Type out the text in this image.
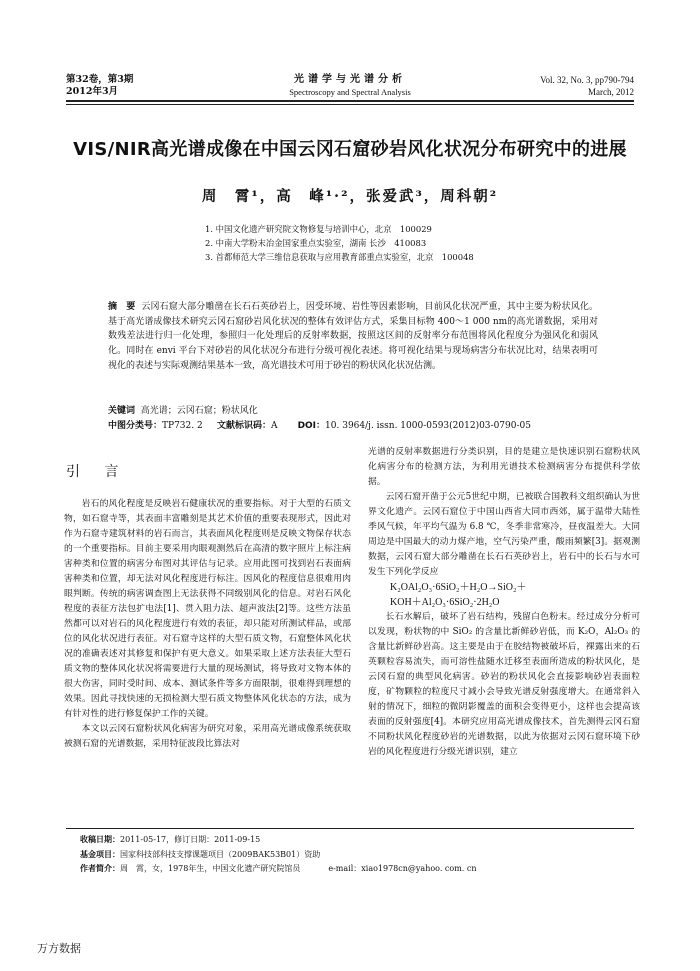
第32卷，第3期
2012年3月
光谱学与光谱分析
Spectroscopy and Spectral Analysis
Vol. 32, No. 3, pp790-794
March, 2012
VIS/NIR高光谱成像在中国云冈石窟砂岩风化状况分布研究中的进展
周　霄¹，高　峰¹·²，张爱武³，周科朝²
1. 中国文化遗产研究院文物修复与培训中心，北京　100029
2. 中南大学粉末冶金国家重点实验室，湖南 长沙　410083
3. 首都师范大学三维信息获取与应用教育部重点实验室，北京　100048
摘　要 云冈石窟大部分雕凿在长石石英砂岩上，因受环境、岩性等因素影响，目前风化状况严重，其中主要为粉状风化。基于高光谱成像技术研究云冈石窟砂岩风化状况的整体有效评估方式，采集目标物 400～1 000 nm的高光谱数据，采用对数残差法进行归一化处理，参照归一化处理后的反射率数据，按照这区间的反射率分布范围将风化程度分为强风化和弱风化。同时在 envi 平台下对砂岩的风化状况分布进行分级可视化表述。将可视化结果与现场病害分布状况比对，结果表明可视化的表述与实际观测结果基本一致，高光谱技术可用于砂岩的粉状风化状况估测。
关键词 高光谱；云冈石窟；粉状风化
中图分类号：TP732. 2 文献标识码：A DOI：10. 3964/j. issn. 1000-0593(2012)03-0790-05
引 言

岩石的风化程度是反映岩石健康状况的重要指标。对于大型的石质文物，如石窟寺等，其表面丰富雕刻是其艺术价值的重要表现形式，因此对作为石窟寺建筑材料的岩石而言，其表面风化程度则是反映文物保存状态的一个重要指标。目前主要采用肉眼观测然后在高清的数字照片上标注病害种类和位置的病害分布图对其评估与记录。应用此图可找到岩石表面病害种类和位置，却无法对风化程度进行标注。因风化的程度信息很难用肉眼判断。传统的病害调查图上无法获得不同级别风化的信息。对岩石风化程度的表征方法包扩电法[1]、贯入阻力法、超声波法[2]等。这些方法虽然都可以对岩石的风化程度进行有效的表征，却只能对所测试样品，或部位的风化状况进行表征。对石窟寺这样的大型石质文物，石窟整体风化状况的准确表述对其修复和保护有更大意义。如果采取上述方法表征大型石质文物的整体风化状况将需要进行大量的现场测试，将导致对文物本体的很大伤害，同时受时间、成本、测试条件等多方面限制，很难得到理想的效果。因此寻找快速的无损检测大型石质文物整体风化状态的方法，成为有针对性的进行修复保护工作的关键。

本文以云冈石窟粉状风化病害为研究对象，采用高光谱成像系统获取被测石窟的光谱数据，采用特征波段比算法对

光谱的反射率数据进行分类识别，目的是建立是快速识别石窟粉状风化病害分布的检测方法，为利用光谱技术检测病害分布提供科学依据。

云冈石窟开凿于公元5世纪中期，已被联合国教科文组织确认为世界文化遗产。云冈石窟位于中国山西省大同市西郊，属于温带大陆性季风气候，年平均气温为 6.8 ℃，冬季非常寒冷，昼夜温差大。大同周边是中国最大的动力煤产地，空气污染严重，酸雨频繁[3]。据观测数据，云冈石窟大部分雕凿在长石石英砂岩上，岩石中的长石与水可发生下列化学反应

K₂OAl₂O₃·6SiO₂＋H₂O→SiO₂＋

KOH＋Al₂O₃·6SiO₂·2H₂O

长石水解后，破坏了岩石结构，残留白色粉末。经过成分分析可以发现，粉状物的中 SiO₂ 的含量比新鲜砂岩低，而 K₂O，Al₂O₃ 的含量比新鲜砂岩高。这主要是由于在胶结物被破坏后，裸露出来的石英颗粒容易流失，而可溶性盐随水迁移至表面所造成的粉状风化，是云冈石窟的典型风化病害。砂岩的粉状风化会直接影响砂岩表面粒度，矿物颗粒的粒度尺寸减小会导致光谱反射强度增大。在通常斜入射的情况下，细粒的微阴影覆盖的面积会变得更小，这样也会提高该表面的反射强度[4]。本研究应用高光谱成像技术，首先测得云冈石窟不同粉状风化程度砂岩的光谱数据，以此为依据对云冈石窟环境下砂岩的风化程度进行分级光谱识别，建立

收稿日期：2011-05-17，修订日期：2011-09-15
基金项目：国家科技部科技支撑课题项目（2009BAK53B01）资助
作者简介：周　霄，女，1978年生，中国文化遗产研究院馆员	e-mail：xiao1978cn@yahoo. com. cn
万方数据
